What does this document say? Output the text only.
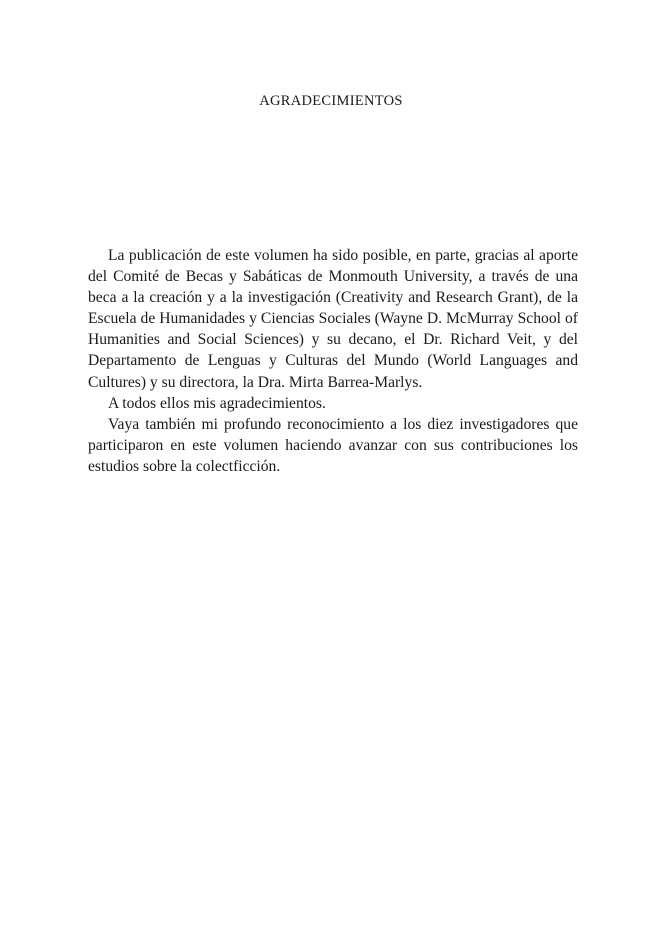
AGRADECIMIENTOS

La publicación de este volumen ha sido posible, en parte, gracias al aporte del Comité de Becas y Sabáticas de Monmouth University, a través de una beca a la creación y a la investigación (Creativity and Research Grant), de la Escuela de Humanidades y Ciencias Sociales (Wayne D. McMurray School of Humanities and Social Sciences) y su decano, el Dr. Richard Veit, y del Departamento de Lenguas y Culturas del Mundo (World Languages and Cultures) y su directora, la Dra. Mirta Barrea-Marlys.

A todos ellos mis agradecimientos.

Vaya también mi profundo reconocimiento a los diez investigadores que participaron en este volumen haciendo avanzar con sus contribuciones los estudios sobre la colectficción.
